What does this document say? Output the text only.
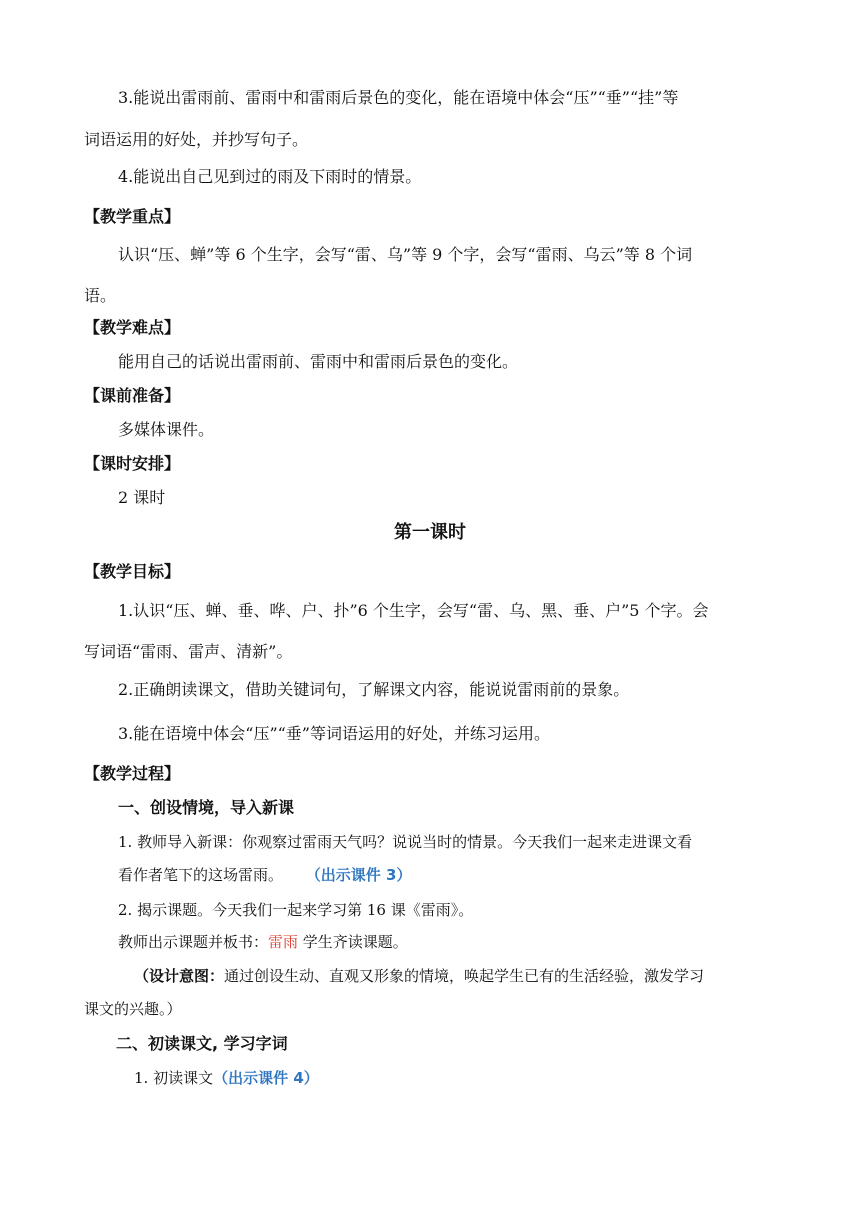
3.能说出雷雨前、雷雨中和雷雨后景色的变化，能在语境中体会“压”“垂”“挂”等
词语运用的好处，并抄写句子。
4.能说出自己见到过的雨及下雨时的情景。
【教学重点】
认识“压、蝉”等 6 个生字，会写“雷、乌”等 9 个字，会写“雷雨、乌云”等 8 个词
语。
【教学难点】
能用自己的话说出雷雨前、雷雨中和雷雨后景色的变化。
【课前准备】
多媒体课件。
【课时安排】
2 课时
第一课时
【教学目标】
1.认识“压、蝉、垂、哗、户、扑”6 个生字，会写“雷、乌、黑、垂、户”5 个字。会
写词语“雷雨、雷声、清新”。
2.正确朗读课文，借助关键词句，了解课文内容，能说说雷雨前的景象。
3.能在语境中体会“压”“垂”等词语运用的好处，并练习运用。
【教学过程】
一、创设情境，导入新课
1. 教师导入新课：你观察过雷雨天气吗？说说当时的情景。今天我们一起来走进课文看
看作者笔下的这场雷雨。 （出示课件 3）
2. 揭示课题。今天我们一起来学习第 16 课《雷雨》。
教师出示课题并板书：雷雨 学生齐读课题。
（设计意图：通过创设生动、直观又形象的情境，唤起学生已有的生活经验，激发学习
课文的兴趣。）
二、初读课文, 学习字词
1. 初读课文（出示课件 4）
